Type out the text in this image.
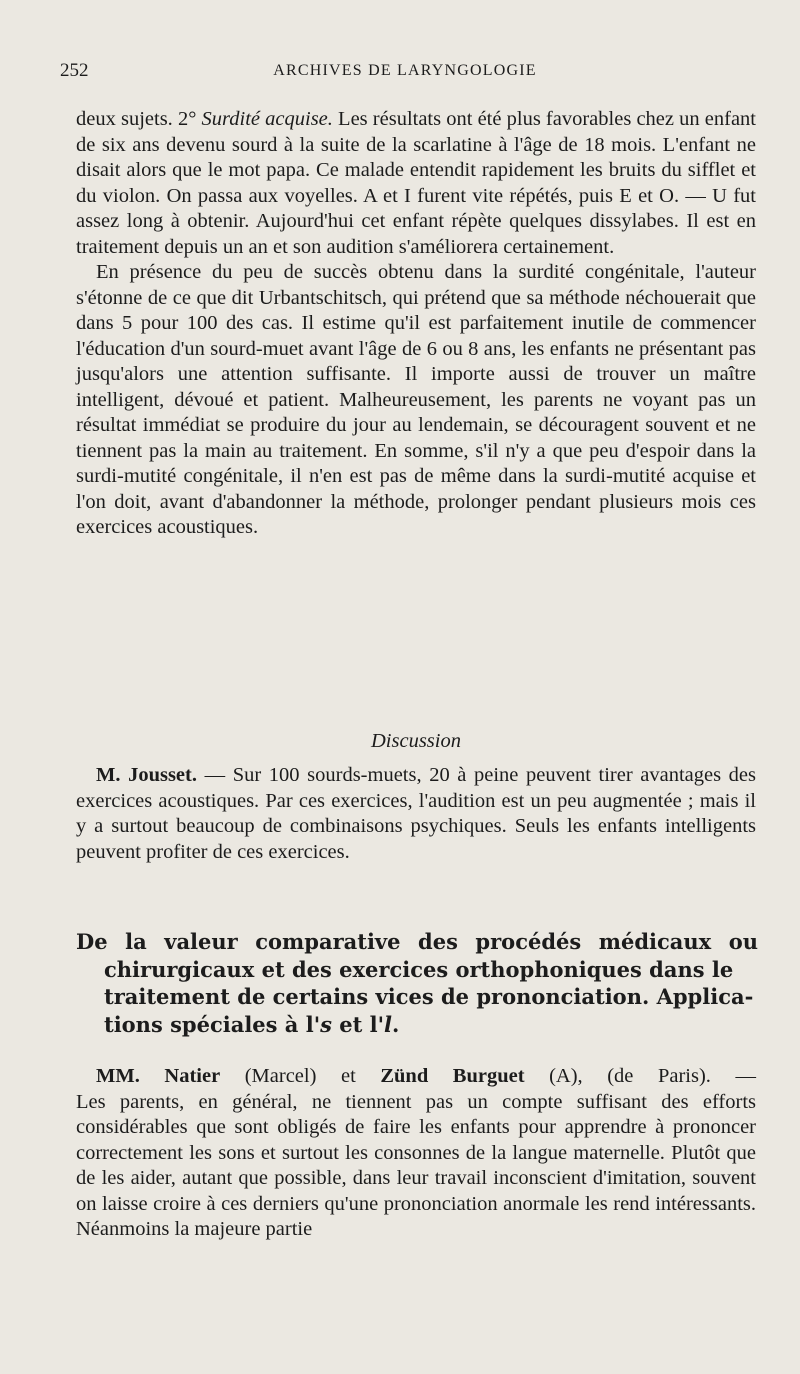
252	ARCHIVES DE LARYNGOLOGIE

deux sujets. 2° Surdité acquise. Les résultats ont été plus favorables chez un enfant de six ans devenu sourd à la suite de la scarlatine à l'âge de 18 mois. L'enfant ne disait alors que le mot papa. Ce malade entendit rapidement les bruits du sifflet et du violon. On passa aux voyelles. A et I furent vite répétés, puis E et O. — U fut assez long à obtenir. Aujourd'hui cet enfant répète quelques dissylabes. Il est en traitement depuis un an et son audition s'améliorera certainement.

En présence du peu de succès obtenu dans la surdité congénitale, l'auteur s'étonne de ce que dit Urbantschitsch, qui prétend que sa méthode néchouerait que dans 5 pour 100 des cas. Il estime qu'il est parfaitement inutile de commencer l'éducation d'un sourd-muet avant l'âge de 6 ou 8 ans, les enfants ne présentant pas jusqu'alors une attention suffisante. Il importe aussi de trouver un maître intelligent, dévoué et patient. Malheureusement, les parents ne voyant pas un résultat immédiat se produire du jour au lendemain, se découragent souvent et ne tiennent pas la main au traitement. En somme, s'il n'y a que peu d'espoir dans la surdi-mutité congénitale, il n'en est pas de même dans la surdi-mutité acquise et l'on doit, avant d'abandonner la méthode, prolonger pendant plusieurs mois ces exercices acoustiques.

Discussion

M. Jousset. — Sur 100 sourds-muets, 20 à peine peuvent tirer avantages des exercices acoustiques. Par ces exercices, l'audition est un peu augmentée ; mais il y a surtout beaucoup de combinaisons psychiques. Seuls les enfants intelligents peuvent profiter de ces exercices.

De la valeur comparative des procédés médicaux ou
chirurgicaux et des exercices orthophoniques dans le
traitement de certains vices de prononciation. Applica-
tions spéciales à l's et l'l.

MM. Natier (Marcel) et Zünd Burguet (A), (de Paris). —

Les parents, en général, ne tiennent pas un compte suffisant des efforts considérables que sont obligés de faire les enfants pour apprendre à prononcer correctement les sons et surtout les consonnes de la langue maternelle. Plutôt que de les aider, autant que possible, dans leur travail inconscient d'imitation, souvent on laisse croire à ces derniers qu'une prononciation anormale les rend intéressants. Néanmoins la majeure partie
